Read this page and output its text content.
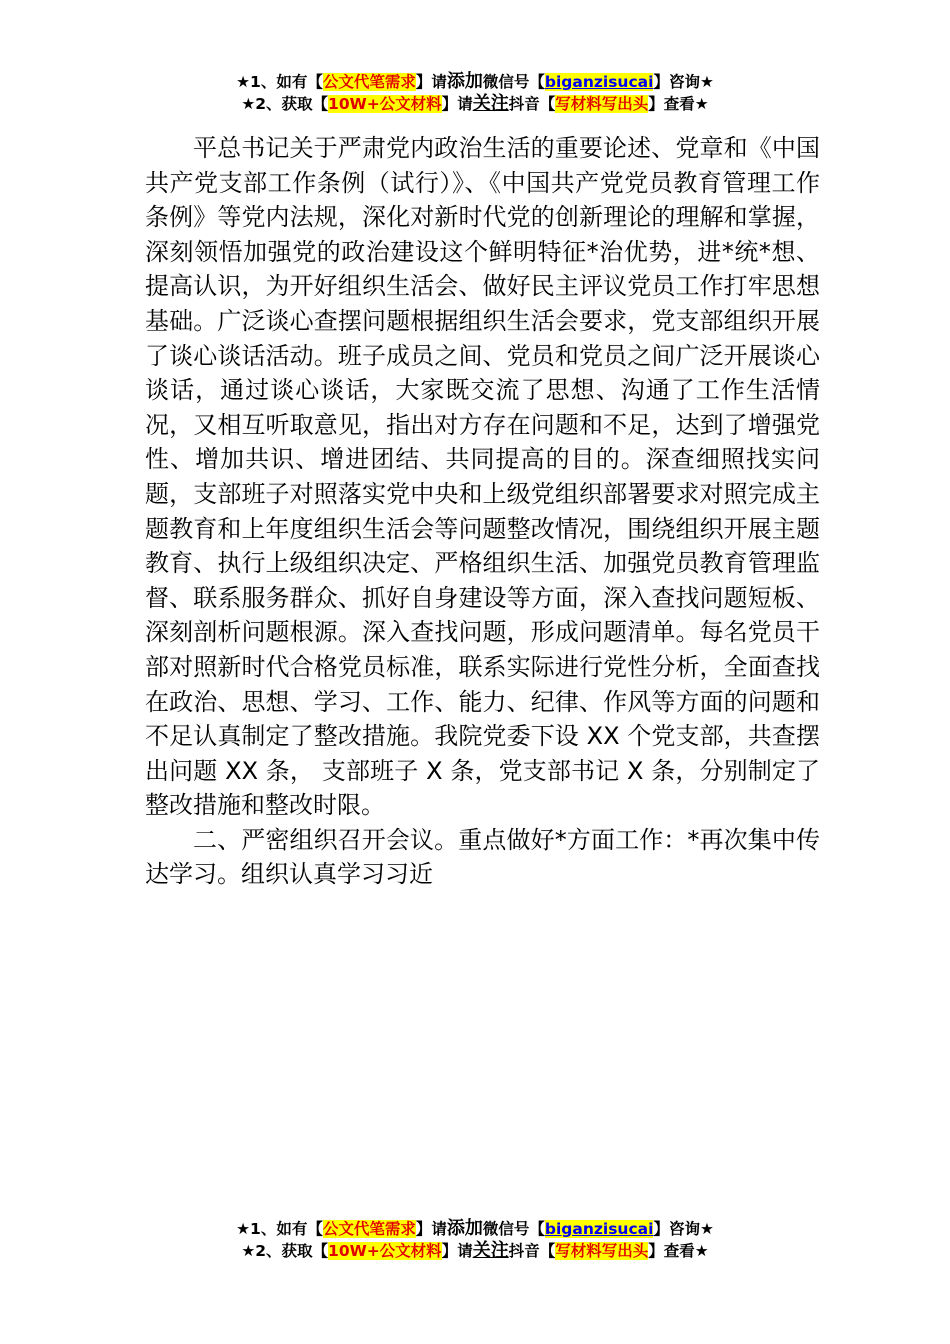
★1、如有【公文代笔需求】请添加微信号【biganzisucai】咨询★
★2、获取【10W+公文材料】请关注抖音【写材料写出头】查看★

平总书记关于严肃党内政治生活的重要论述、党章和《中国共产党支部工作条例（试行）》、《中国共产党党员教育管理工作条例》等党内法规，深化对新时代党的创新理论的理解和掌握，深刻领悟加强党的政治建设这个鲜明特征*治优势，进*统*想、提高认识，为开好组织生活会、做好民主评议党员工作打牢思想基础。广泛谈心查摆问题根据组织生活会要求，党支部组织开展了谈心谈话活动。班子成员之间、党员和党员之间广泛开展谈心谈话，通过谈心谈话，大家既交流了思想、沟通了工作生活情况，又相互听取意见，指出对方存在问题和不足，达到了增强党性、增加共识、增进团结、共同提高的目的。深查细照找实问题，支部班子对照落实党中央和上级党组织部署要求对照完成主题教育和上年度组织生活会等问题整改情况，围绕组织开展主题教育、执行上级组织决定、严格组织生活、加强党员教育管理监督、联系服务群众、抓好自身建设等方面，深入查找问题短板、深刻剖析问题根源。深入查找问题，形成问题清单。每名党员干部对照新时代合格党员标准，联系实际进行党性分析，全面查找在政治、思想、学习、工作、能力、纪律、作风等方面的问题和不足认真制定了整改措施。我院党委下设 XX 个党支部，共查摆出问题 XX 条， 支部班子 X 条，党支部书记 X 条，分别制定了整改措施和整改时限。

二、严密组织召开会议。重点做好*方面工作：*再次集中传达学习。组织认真学习习近

★1、如有【公文代笔需求】请添加微信号【biganzisucai】咨询★
★2、获取【10W+公文材料】请关注抖音【写材料写出头】查看★
